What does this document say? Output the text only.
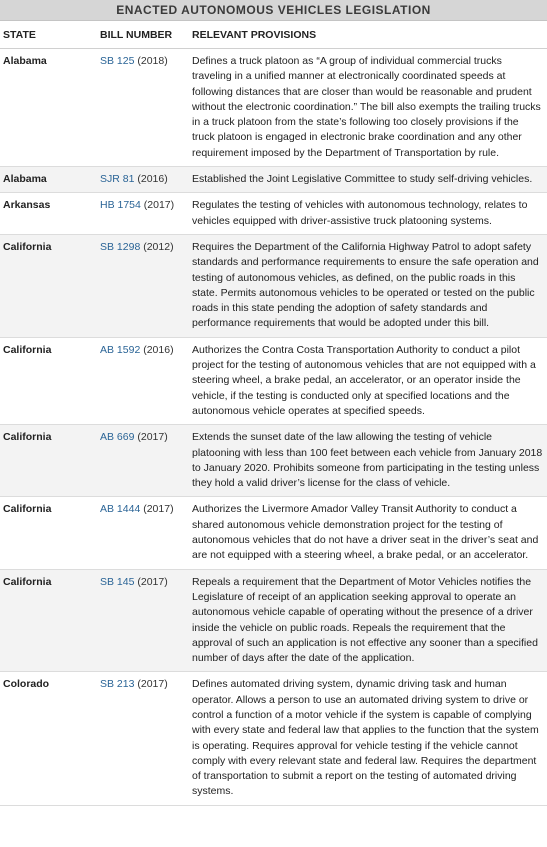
ENACTED AUTONOMOUS VEHICLES LEGISLATION
STATE	BILL NUMBER	RELEVANT PROVISIONS
Alabama	SB 125 (2018)	Defines a truck platoon as “A group of individual commercial trucks traveling in a unified manner at electronically coordinated speeds at following distances that are closer than would be reasonable and prudent without the electronic coordination.” The bill also exempts the trailing trucks in a truck platoon from the state’s following too closely provisions if the truck platoon is engaged in electronic brake coordination and any other requirement imposed by the Department of Transportation by rule.
Alabama	SJR 81 (2016)	Established the Joint Legislative Committee to study self-driving vehicles.
Arkansas	HB 1754 (2017)	Regulates the testing of vehicles with autonomous technology, relates to vehicles equipped with driver-assistive truck platooning systems.
California	SB 1298 (2012)	Requires the Department of the California Highway Patrol to adopt safety standards and performance requirements to ensure the safe operation and testing of autonomous vehicles, as defined, on the public roads in this state. Permits autonomous vehicles to be operated or tested on the public roads in this state pending the adoption of safety standards and performance requirements that would be adopted under this bill.
California	AB 1592 (2016)	Authorizes the Contra Costa Transportation Authority to conduct a pilot project for the testing of autonomous vehicles that are not equipped with a steering wheel, a brake pedal, an accelerator, or an operator inside the vehicle, if the testing is conducted only at specified locations and the autonomous vehicle operates at specified speeds.
California	AB 669 (2017)	Extends the sunset date of the law allowing the testing of vehicle platooning with less than 100 feet between each vehicle from January 2018 to January 2020. Prohibits someone from participating in the testing unless they hold a valid driver’s license for the class of vehicle.
California	AB 1444 (2017)	Authorizes the Livermore Amador Valley Transit Authority to conduct a shared autonomous vehicle demonstration project for the testing of autonomous vehicles that do not have a driver seat in the driver’s seat and are not equipped with a steering wheel, a brake pedal, or an accelerator.
California	SB 145 (2017)	Repeals a requirement that the Department of Motor Vehicles notifies the Legislature of receipt of an application seeking approval to operate an autonomous vehicle capable of operating without the presence of a driver inside the vehicle on public roads. Repeals the requirement that the approval of such an application is not effective any sooner than a specified number of days after the date of the application.
Colorado	SB 213 (2017)	Defines automated driving system, dynamic driving task and human operator. Allows a person to use an automated driving system to drive or control a function of a motor vehicle if the system is capable of complying with every state and federal law that applies to the function that the system is operating. Requires approval for vehicle testing if the vehicle cannot comply with every relevant state and federal law. Requires the department of transportation to submit a report on the testing of automated driving systems.
